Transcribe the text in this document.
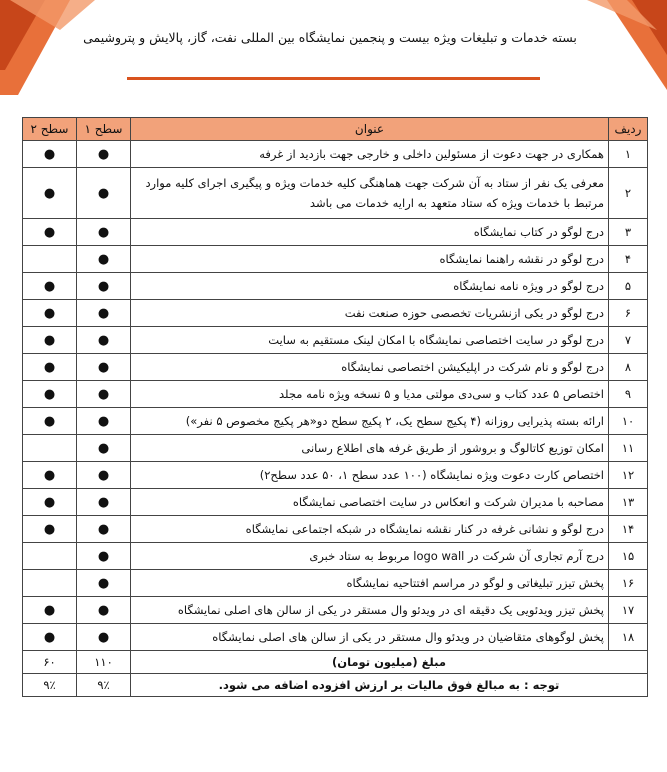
بسته خدمات و تبلیغات ویژه بیست و پنجمین نمایشگاه بین المللی نفت، گاز، پالایش و پتروشیمی
ردیف	عنوان	سطح ۱	سطح ۲
۱	همکاری در جهت دعوت از مسئولین داخلی و خارجی جهت بازدید از غرفه	●	●
۲	معرفی یک نفر از ستاد به آن شرکت جهت هماهنگی کلیه خدمات ویژه و پیگیری اجرای کلیه موارد مرتبط با خدمات ویژه که ستاد متعهد به ارایه خدمات می باشد	●	●
۳	درج لوگو در کتاب نمایشگاه	●	●
۴	درج لوگو در نقشه راهنما نمایشگاه	●	
۵	درج لوگو در ویژه نامه نمایشگاه	●	●
۶	درج لوگو در یکی ازنشریات تخصصی حوزه صنعت نفت	●	●
۷	درج لوگو در سایت اختصاصی نمایشگاه با امکان لینک مستقیم به سایت	●	●
۸	درج لوگو و نام شرکت در اپلیکیشن اختصاصی نمایشگاه	●	●
۹	اختصاص ۵ عدد کتاب و سی‌دی مولتی مدیا و ۵ نسخه ویژه نامه مجلد	●	●
۱۰	ارائه بسته پذیرایی روزانه (۴ پکیج سطح یک، ۲ پکیج سطح دو«هر پکیج مخصوص ۵ نفر»)	●	●
۱۱	امکان توزیع کاتالوگ و بروشور از طریق غرفه های اطلاع رسانی	●	
۱۲	اختصاص کارت دعوت ویژه نمایشگاه (۱۰۰ عدد سطح ۱، ۵۰ عدد سطح۲)	●	●
۱۳	مصاحبه با مدیران شرکت و انعکاس در سایت اختصاصی نمایشگاه	●	●
۱۴	درج لوگو و نشانی غرفه در کنار نقشه نمایشگاه در شبکه اجتماعی نمایشگاه	●	●
۱۵	درج آرم تجاری آن شرکت در logo wall مربوط به ستاد خبری	●	
۱۶	پخش تیزر تبلیغاتی و لوگو در مراسم افتتاحیه نمایشگاه	●	
۱۷	پخش تیزر ویدئویی یک دقیقه ای در ویدئو وال مستقر در یکی از سالن های اصلی نمایشگاه	●	●
۱۸	پخش لوگوهای متقاضیان در ویدئو وال مستقر در یکی از سالن های اصلی نمایشگاه	●	●
مبلغ (میلیون تومان)		۱۱۰	۶۰
توجه : به مبالغ فوق مالیات بر ارزش افزوده اضافه می شود.		۹٪	۹٪
